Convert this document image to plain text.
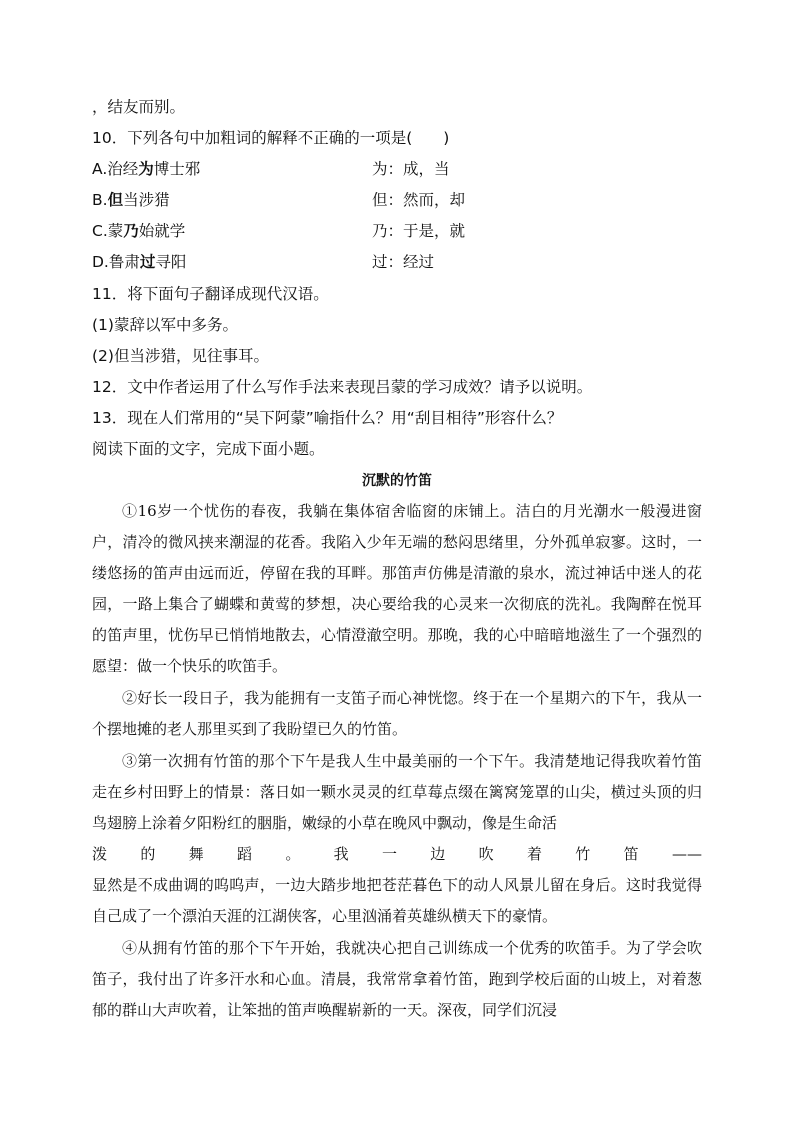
，结友而别。
10．下列各句中加粗词的解释不正确的一项是(　　)
A.治经为博士邪	为：成，当
B.但当涉猎	但：然而，却
C.蒙乃始就学	乃：于是，就
D.鲁肃过寻阳	过：经过
11．将下面句子翻译成现代汉语。
(1)蒙辞以军中多务。
(2)但当涉猎，见往事耳。
12．文中作者运用了什么写作手法来表现吕蒙的学习成效？请予以说明。
13．现在人们常用的“吴下阿蒙”喻指什么？用“刮目相待”形容什么？
阅读下面的文字，完成下面小题。
沉默的竹笛

①16岁一个忧伤的春夜，我躺在集体宿舍临窗的床铺上。洁白的月光潮水一般漫进窗户，清冷的微风挟来潮湿的花香。我陷入少年无端的愁闷思绪里，分外孤单寂寥。这时，一缕悠扬的笛声由远而近，停留在我的耳畔。那笛声仿佛是清澈的泉水，流过神话中迷人的花园，一路上集合了蝴蝶和黄莺的梦想，决心要给我的心灵来一次彻底的洗礼。我陶醉在悦耳的笛声里，忧伤早已悄悄地散去，心情澄澈空明。那晚，我的心中暗暗地滋生了一个强烈的愿望：做一个快乐的吹笛手。

②好长一段日子，我为能拥有一支笛子而心神恍惚。终于在一个星期六的下午，我从一个摆地摊的老人那里买到了我盼望已久的竹笛。

③第一次拥有竹笛的那个下午是我人生中最美丽的一个下午。我清楚地记得我吹着竹笛走在乡村田野上的情景：落日如一颗水灵灵的红草莓点缀在篱窝笼罩的山尖，横过头顶的归鸟翅膀上涂着夕阳粉红的胭脂，嫩绿的小草在晚风中飘动，像是生命活

泼 的 舞 蹈 。 我 一 边 吹 着 竹 笛 ——

显然是不成曲调的呜呜声，一边大踏步地把苍茫暮色下的动人风景儿留在身后。这时我觉得自己成了一个漂泊天涯的江湖侠客，心里汹涌着英雄纵横天下的豪情。

④从拥有竹笛的那个下午开始，我就决心把自己训练成一个优秀的吹笛手。为了学会吹笛子，我付出了许多汗水和心血。清晨，我常常拿着竹笛，跑到学校后面的山坡上，对着葱郁的群山大声吹着，让笨拙的笛声唤醒崭新的一天。深夜，同学们沉浸
